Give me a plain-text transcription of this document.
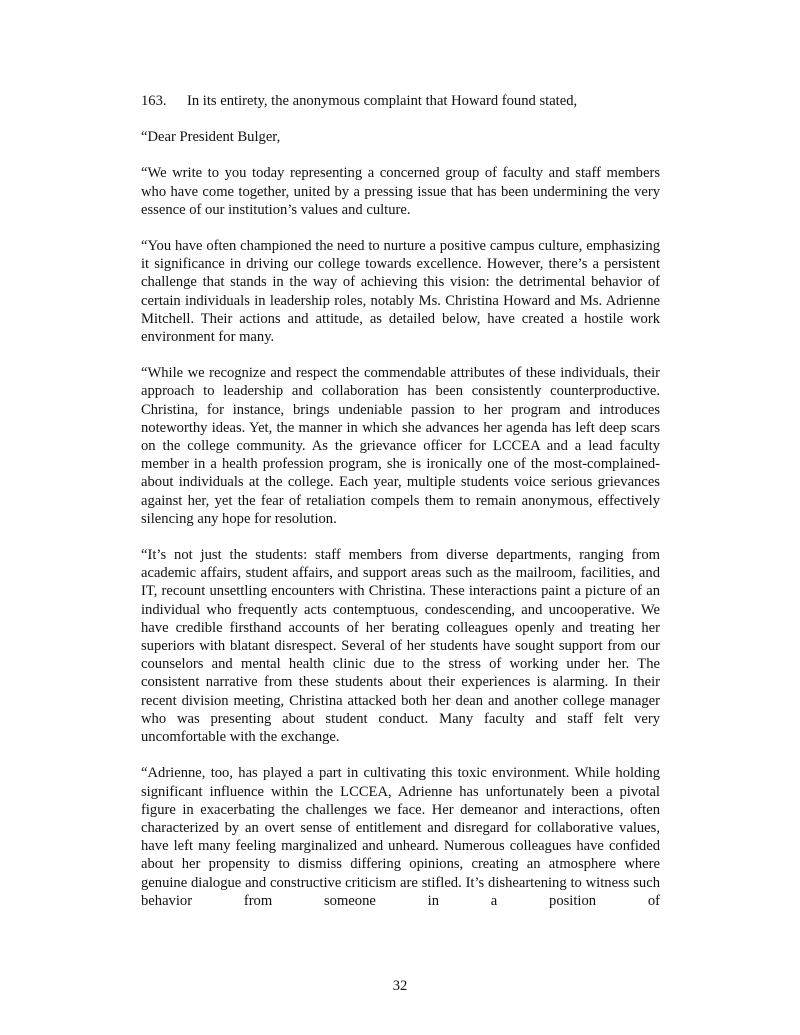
163. In its entirety, the anonymous complaint that Howard found stated,

“Dear President Bulger,

“We write to you today representing a concerned group of faculty and staff members who have come together, united by a pressing issue that has been undermining the very essence of our institution’s values and culture.

“You have often championed the need to nurture a positive campus culture, emphasizing it significance in driving our college towards excellence. However, there’s a persistent challenge that stands in the way of achieving this vision: the detrimental behavior of certain individuals in leadership roles, notably Ms. Christina Howard and Ms. Adrienne Mitchell. Their actions and attitude, as detailed below, have created a hostile work environment for many.

“While we recognize and respect the commendable attributes of these individuals, their approach to leadership and collaboration has been consistently counterproductive. Christina, for instance, brings undeniable passion to her program and introduces noteworthy ideas. Yet, the manner in which she advances her agenda has left deep scars on the college community. As the grievance officer for LCCEA and a lead faculty member in a health profession program, she is ironically one of the most-complained-about individuals at the college. Each year, multiple students voice serious grievances against her, yet the fear of retaliation compels them to remain anonymous, effectively silencing any hope for resolution.

“It’s not just the students: staff members from diverse departments, ranging from academic affairs, student affairs, and support areas such as the mailroom, facilities, and IT, recount unsettling encounters with Christina. These interactions paint a picture of an individual who frequently acts contemptuous, condescending, and uncooperative. We have credible firsthand accounts of her berating colleagues openly and treating her superiors with blatant disrespect. Several of her students have sought support from our counselors and mental health clinic due to the stress of working under her. The consistent narrative from these students about their experiences is alarming. In their recent division meeting, Christina attacked both her dean and another college manager who was presenting about student conduct. Many faculty and staff felt very uncomfortable with the exchange.

“Adrienne, too, has played a part in cultivating this toxic environment. While holding significant influence within the LCCEA, Adrienne has unfortunately been a pivotal figure in exacerbating the challenges we face. Her demeanor and interactions, often characterized by an overt sense of entitlement and disregard for collaborative values, have left many feeling marginalized and unheard. Numerous colleagues have confided about her propensity to dismiss differing opinions, creating an atmosphere where genuine dialogue and constructive criticism are stifled. It’s disheartening to witness such behavior from someone in a position of

32
